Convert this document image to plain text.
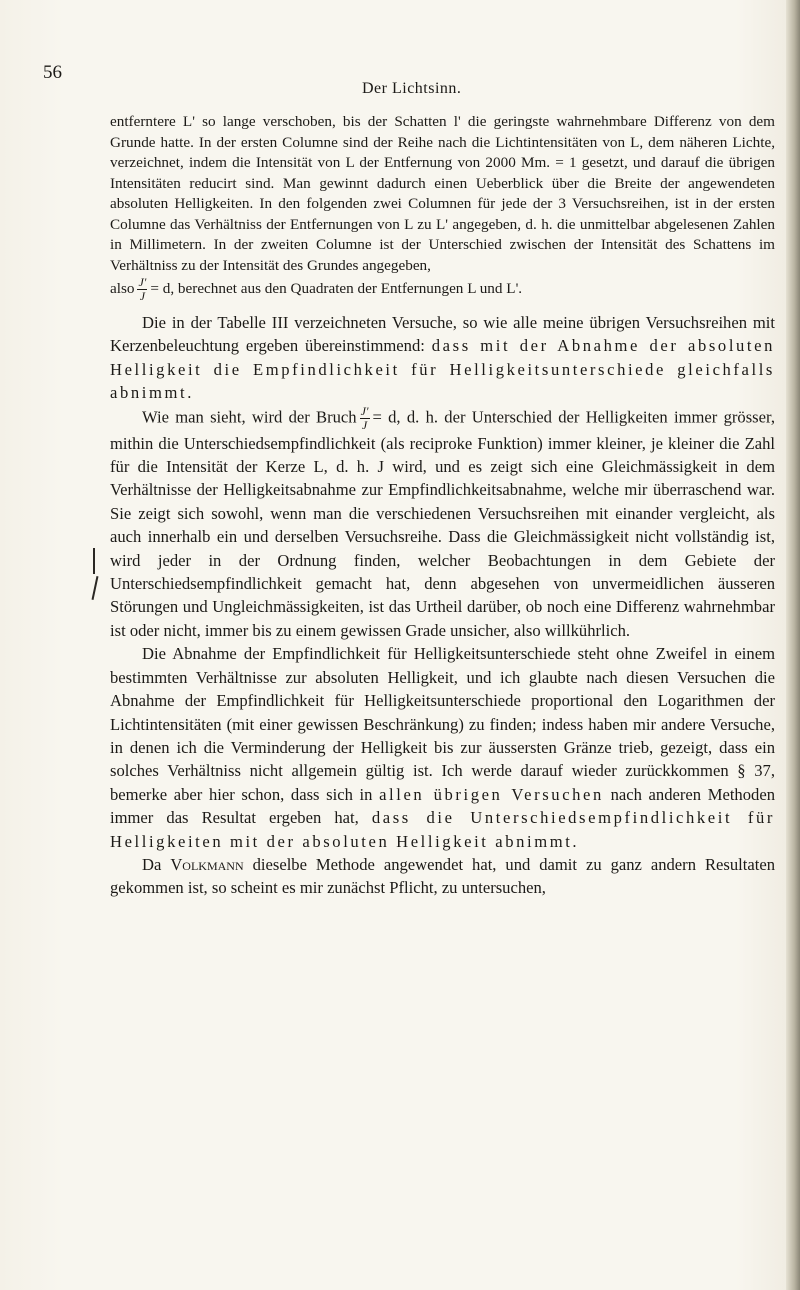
56
Der Lichtsinn.

entferntere L' so lange verschoben, bis der Schatten l' die geringste wahrnehmbare Differenz von dem Grunde hatte. In der ersten Columne sind der Reihe nach die Lichtintensitäten von L, dem näheren Lichte, verzeichnet, indem die Intensität von L der Entfernung von 2000 Mm. = 1 gesetzt, und darauf die übrigen Intensitäten reducirt sind. Man gewinnt dadurch einen Ueberblick über die Breite der angewendeten absoluten Helligkeiten. In den folgenden zwei Columnen für jede der 3 Versuchsreihen, ist in der ersten Columne das Verhältniss der Entfernungen von L zu L' angegeben, d. h. die unmittelbar abgelesenen Zahlen in Millimetern. In der zweiten Columne ist der Unterschied zwischen der Intensität des Schattens im Verhältniss zu der Intensität des Grundes angegeben,

also $\frac{J'}{J} = d$, berechnet aus den Quadraten der Entfernungen L und L'.

Die in der Tabelle III verzeichneten Versuche, so wie alle meine übrigen Versuchsreihen mit Kerzenbeleuchtung ergeben übereinstimmend: dass mit der Abnahme der absoluten Helligkeit die Empfindlichkeit für Helligkeitsunterschiede gleichfalls abnimmt.

Wie man sieht, wird der Bruch $\frac{J'}{J} = d$, d. h. der Unterschied der Helligkeiten immer grösser, mithin die Unterschiedsempfindlichkeit (als reciproke Funktion) immer kleiner, je kleiner die Zahl für die Intensität der Kerze L, d. h. J wird, und es zeigt sich eine Gleichmässigkeit in dem Verhältnisse der Helligkeitsabnahme zur Empfindlichkeitsabnahme, welche mir überraschend war. Sie zeigt sich sowohl, wenn man die verschiedenen Versuchsreihen mit einander vergleicht, als auch innerhalb ein und derselben Versuchsreihe. Dass die Gleichmässigkeit nicht vollständig ist, wird jeder in der Ordnung finden, welcher Beobachtungen in dem Gebiete der Unterschiedsempfindlichkeit gemacht hat, denn abgesehen von unvermeidlichen äusseren Störungen und Ungleichmässigkeiten, ist das Urtheil darüber, ob noch eine Differenz wahrnehmbar ist oder nicht, immer bis zu einem gewissen Grade unsicher, also willkührlich.

Die Abnahme der Empfindlichkeit für Helligkeitsunterschiede steht ohne Zweifel in einem bestimmten Verhältnisse zur absoluten Helligkeit, und ich glaubte nach diesen Versuchen die Abnahme der Empfindlichkeit für Helligkeitsunterschiede proportional den Logarithmen der Lichtintensitäten (mit einer gewissen Beschränkung) zu finden; indess haben mir andere Versuche, in denen ich die Verminderung der Helligkeit bis zur äussersten Gränze trieb, gezeigt, dass ein solches Verhältniss nicht allgemein gültig ist. Ich werde darauf wieder zurückkommen § 37, bemerke aber hier schon, dass sich in allen übrigen Versuchen nach anderen Methoden immer das Resultat ergeben hat, dass die Unterschiedsempfindlichkeit für Helligkeiten mit der absoluten Helligkeit abnimmt.

Da Volkmann dieselbe Methode angewendet hat, und damit zu ganz andern Resultaten gekommen ist, so scheint es mir zunächst Pflicht, zu untersuchen,
